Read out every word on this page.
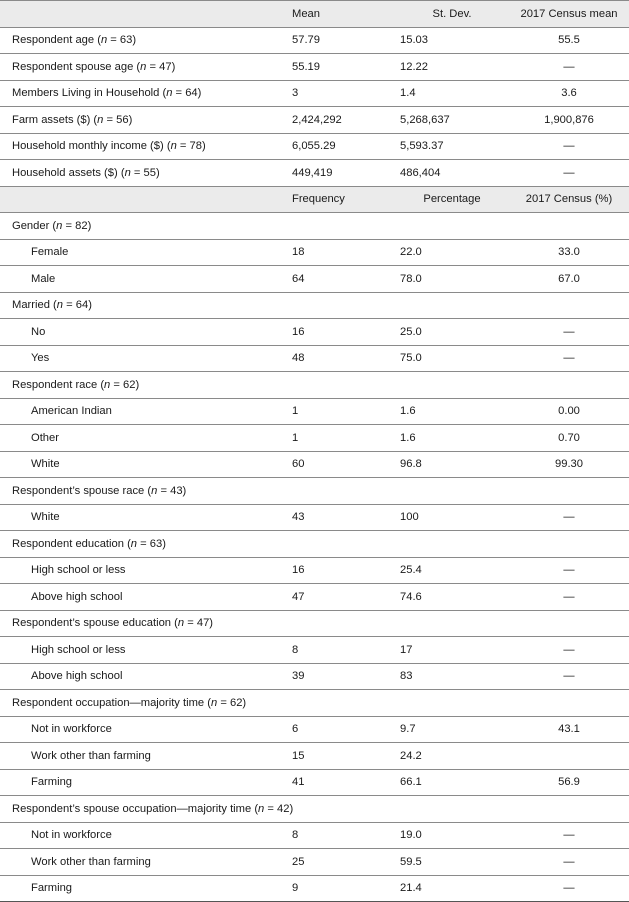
	Mean	St. Dev.	2017 Census mean
Respondent age (n = 63)	57.79	15.03	55.5
Respondent spouse age (n = 47)	55.19	12.22	—
Members Living in Household (n = 64)	3	1.4	3.6
Farm assets ($) (n = 56)	2,424,292	5,268,637	1,900,876
Household monthly income ($) (n = 78)	6,055.29	5,593.37	—
Household assets ($) (n = 55)	449,419	486,404	—
	Frequency	Percentage	2017 Census (%)
Gender (n = 82)			
Female	18	22.0	33.0
Male	64	78.0	67.0
Married (n = 64)			
No	16	25.0	—
Yes	48	75.0	—
Respondent race (n = 62)			
American Indian	1	1.6	0.00
Other	1	1.6	0.70
White	60	96.8	99.30
Respondent’s spouse race (n = 43)			
White	43	100	—
Respondent education (n = 63)			
High school or less	16	25.4	—
Above high school	47	74.6	—
Respondent’s spouse education (n = 47)			
High school or less	8	17	—
Above high school	39	83	—
Respondent occupation—majority time (n = 62)			
Not in workforce	6	9.7	43.1
Work other than farming	15	24.2	
Farming	41	66.1	56.9
Respondent’s spouse occupation—majority time (n = 42)			
Not in workforce	8	19.0	—
Work other than farming	25	59.5	—
Farming	9	21.4	—
